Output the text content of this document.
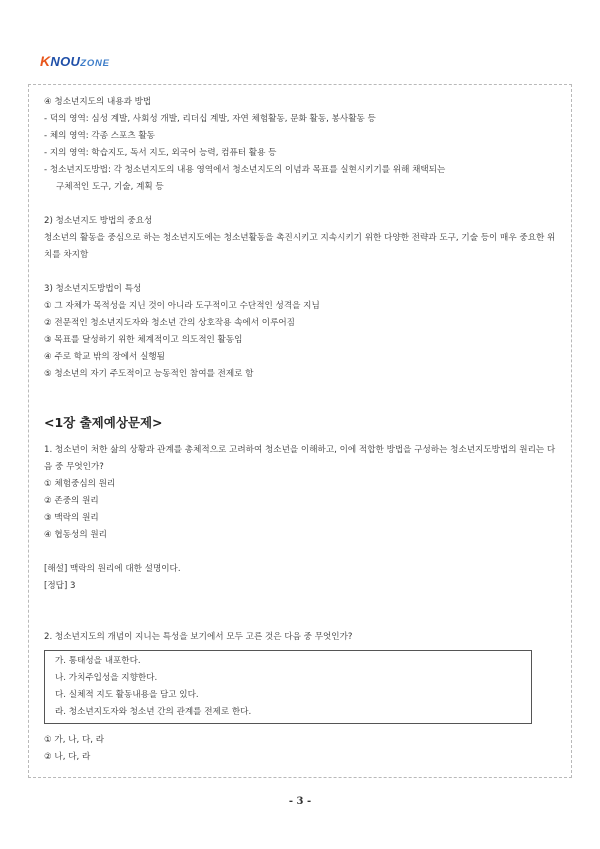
KNOUZONE
④ 청소년지도의 내용과 방법
- 덕의 영역: 심성 계발, 사회성 개발, 리더십 계발, 자연 체험활동, 문화 활동, 봉사활동 등
- 체의 영역: 각종 스포츠 활동
- 지의 영역: 학습지도, 독서 지도, 외국어 능력, 컴퓨터 활용 등
- 청소년지도방법: 각 청소년지도의 내용 영역에서 청소년지도의 이념과 목표를 실현시키기를 위해 채택되는
구체적인 도구, 기술, 계획 등
2) 청소년지도 방법의 중요성
청소년의 활동을 중심으로 하는 청소년지도에는 청소년활동을 촉진시키고 지속시키기 위한 다양한 전략과 도구, 기술 등이 매우 중요한 위치를 차지함
3) 청소년지도방법이 특성
① 그 자체가 목적성을 지닌 것이 아니라 도구적이고 수단적인 성격을 지님
② 전문적인 청소년지도자와 청소년 간의 상호작용 속에서 이루어짐
③ 목표를 달성하기 위한 체계적이고 의도적인 활동임
④ 주로 학교 밖의 장에서 실행됨
⑤ 청소년의 자기 주도적이고 능동적인 참여를 전제로 함
<1장 출제예상문제>
1. 청소년이 처한 삶의 상황과 관계를 총체적으로 고려하여 청소년을 이해하고, 이에 적합한 방법을 구성하는 청소년지도방법의 원리는 다음 중 무엇인가?
① 체험중심의 원리
② 존중의 원리
③ 맥락의 원리
④ 협동성의 원리
[해설] 맥락의 원리에 대한 설명이다.
[정답] 3
2. 청소년지도의 개념이 지니는 특성을 보기에서 모두 고른 것은 다음 중 무엇인가?
가. 통태성을 내포한다.
나. 가치주입성을 지향한다.
다. 실체적 지도 활동내용을 담고 있다.
라. 청소년지도자와 청소년 간의 관계를 전제로 한다.
① 가, 나, 다, 라
② 나, 다, 라
- 3 -
